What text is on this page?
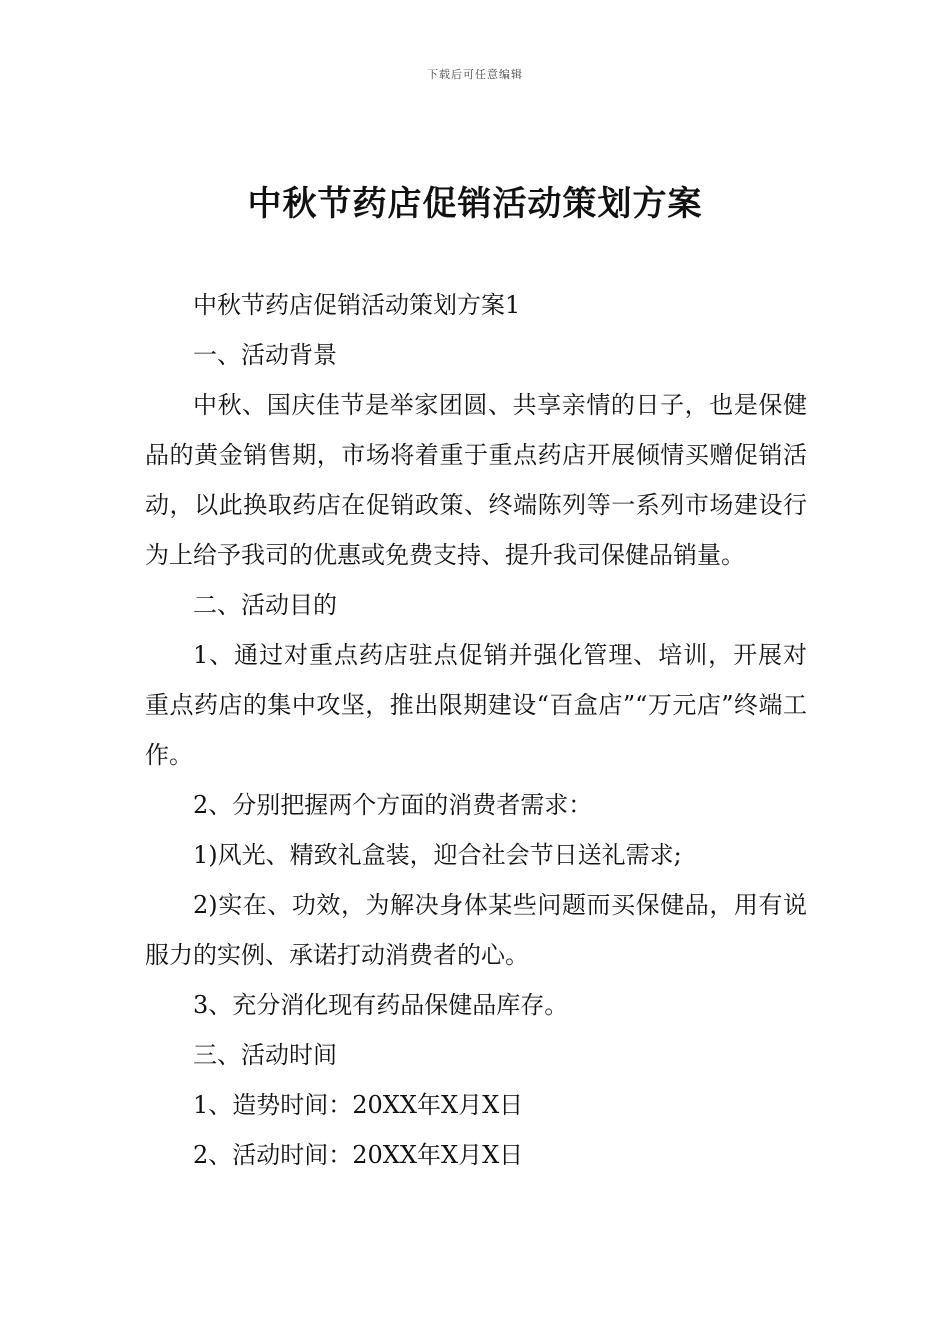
下载后可任意编辑
中秋节药店促销活动策划方案

中秋节药店促销活动策划方案1

一、活动背景

中秋、国庆佳节是举家团圆、共享亲情的日子，也是保健品的黄金销售期，市场将着重于重点药店开展倾情买赠促销活动，以此换取药店在促销政策、终端陈列等一系列市场建设行为上给予我司的优惠或免费支持、提升我司保健品销量。

二、活动目的

1、通过对重点药店驻点促销并强化管理、培训，开展对重点药店的集中攻坚，推出限期建设“百盒店”“万元店”终端工作。

2、分别把握两个方面的消费者需求：

1)风光、精致礼盒装，迎合社会节日送礼需求;

2)实在、功效，为解决身体某些问题而买保健品，用有说服力的实例、承诺打动消费者的心。

3、充分消化现有药品保健品库存。

三、活动时间

1、造势时间：20XX年X月X日

2、活动时间：20XX年X月X日
